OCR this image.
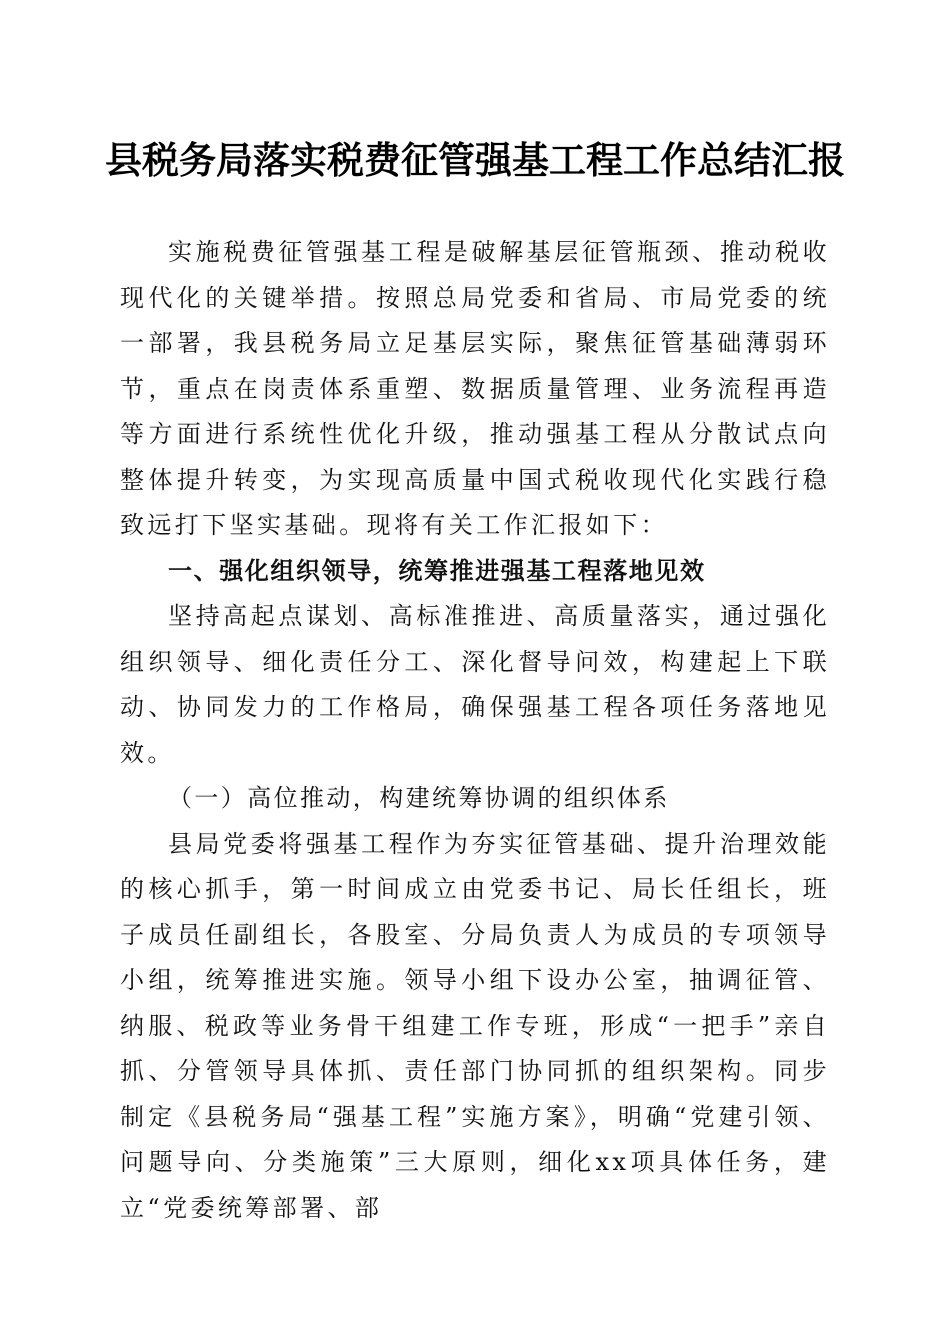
县税务局落实税费征管强基工程工作总结汇报

实施税费征管强基工程是破解基层征管瓶颈、推动税收现代化的关键举措。按照总局党委和省局、市局党委的统一部署，我县税务局立足基层实际，聚焦征管基础薄弱环节，重点在岗责体系重塑、数据质量管理、业务流程再造等方面进行系统性优化升级，推动强基工程从分散试点向整体提升转变，为实现高质量中国式税收现代化实践行稳致远打下坚实基础。现将有关工作汇报如下：

一、强化组织领导，统筹推进强基工程落地见效

坚持高起点谋划、高标准推进、高质量落实，通过强化组织领导、细化责任分工、深化督导问效，构建起上下联动、协同发力的工作格局，确保强基工程各项任务落地见效。

（一）高位推动，构建统筹协调的组织体系

县局党委将强基工程作为夯实征管基础、提升治理效能的核心抓手，第一时间成立由党委书记、局长任组长，班子成员任副组长，各股室、分局负责人为成员的专项领导小组，统筹推进实施。领导小组下设办公室，抽调征管、纳服、税政等业务骨干组建工作专班，形成“一把手”亲自抓、分管领导具体抓、责任部门协同抓的组织架构。同步制定《县税务局“强基工程”实施方案》，明确“党建引领、问题导向、分类施策”三大原则，细化xx项具体任务，建立“党委统筹部署、部
